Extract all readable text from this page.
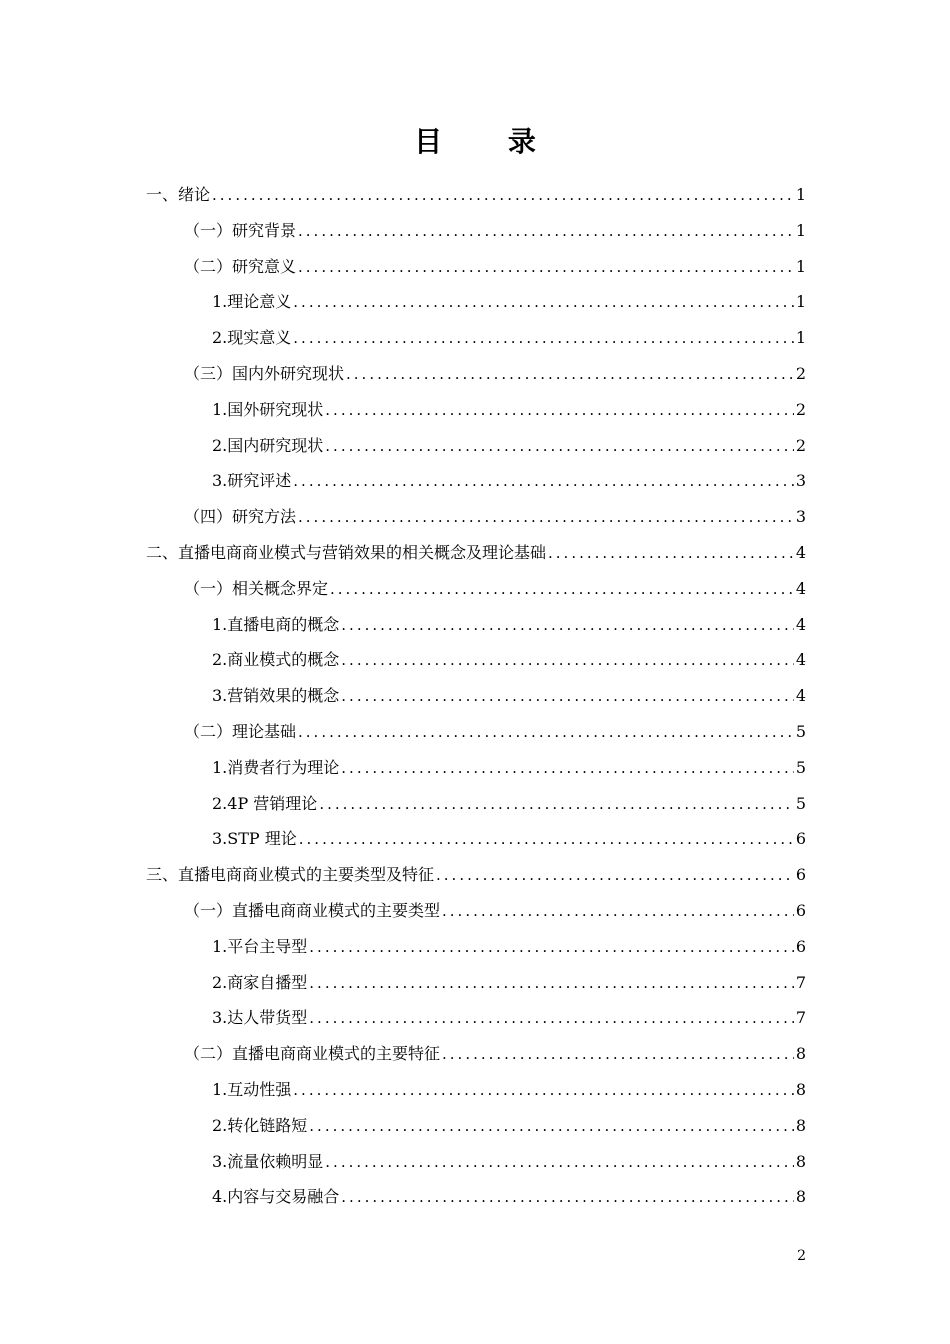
目 录
一、绪论 .....	1
（一）研究背景 .....	1
（二）研究意义 .....	1
1.理论意义 .....	1
2.现实意义 .....	1
（三）国内外研究现状 .....	2
1.国外研究现状 .....	2
2.国内研究现状 .....	2
3.研究评述 .....	3
（四）研究方法 .....	3
二、直播电商商业模式与营销效果的相关概念及理论基础 .....	4
（一）相关概念界定 .....	4
1.直播电商的概念 .....	4
2.商业模式的概念 .....	4
3.营销效果的概念 .....	4
（二）理论基础 .....	5
1.消费者行为理论 .....	5
2.4P 营销理论 .....	5
3.STP 理论 .....	6
三、直播电商商业模式的主要类型及特征 .....	6
（一）直播电商商业模式的主要类型 .....	6
1.平台主导型 .....	6
2.商家自播型 .....	7
3.达人带货型 .....	7
（二）直播电商商业模式的主要特征 .....	8
1.互动性强 .....	8
2.转化链路短 .....	8
3.流量依赖明显 .....	8
4.内容与交易融合 .....	8
2
